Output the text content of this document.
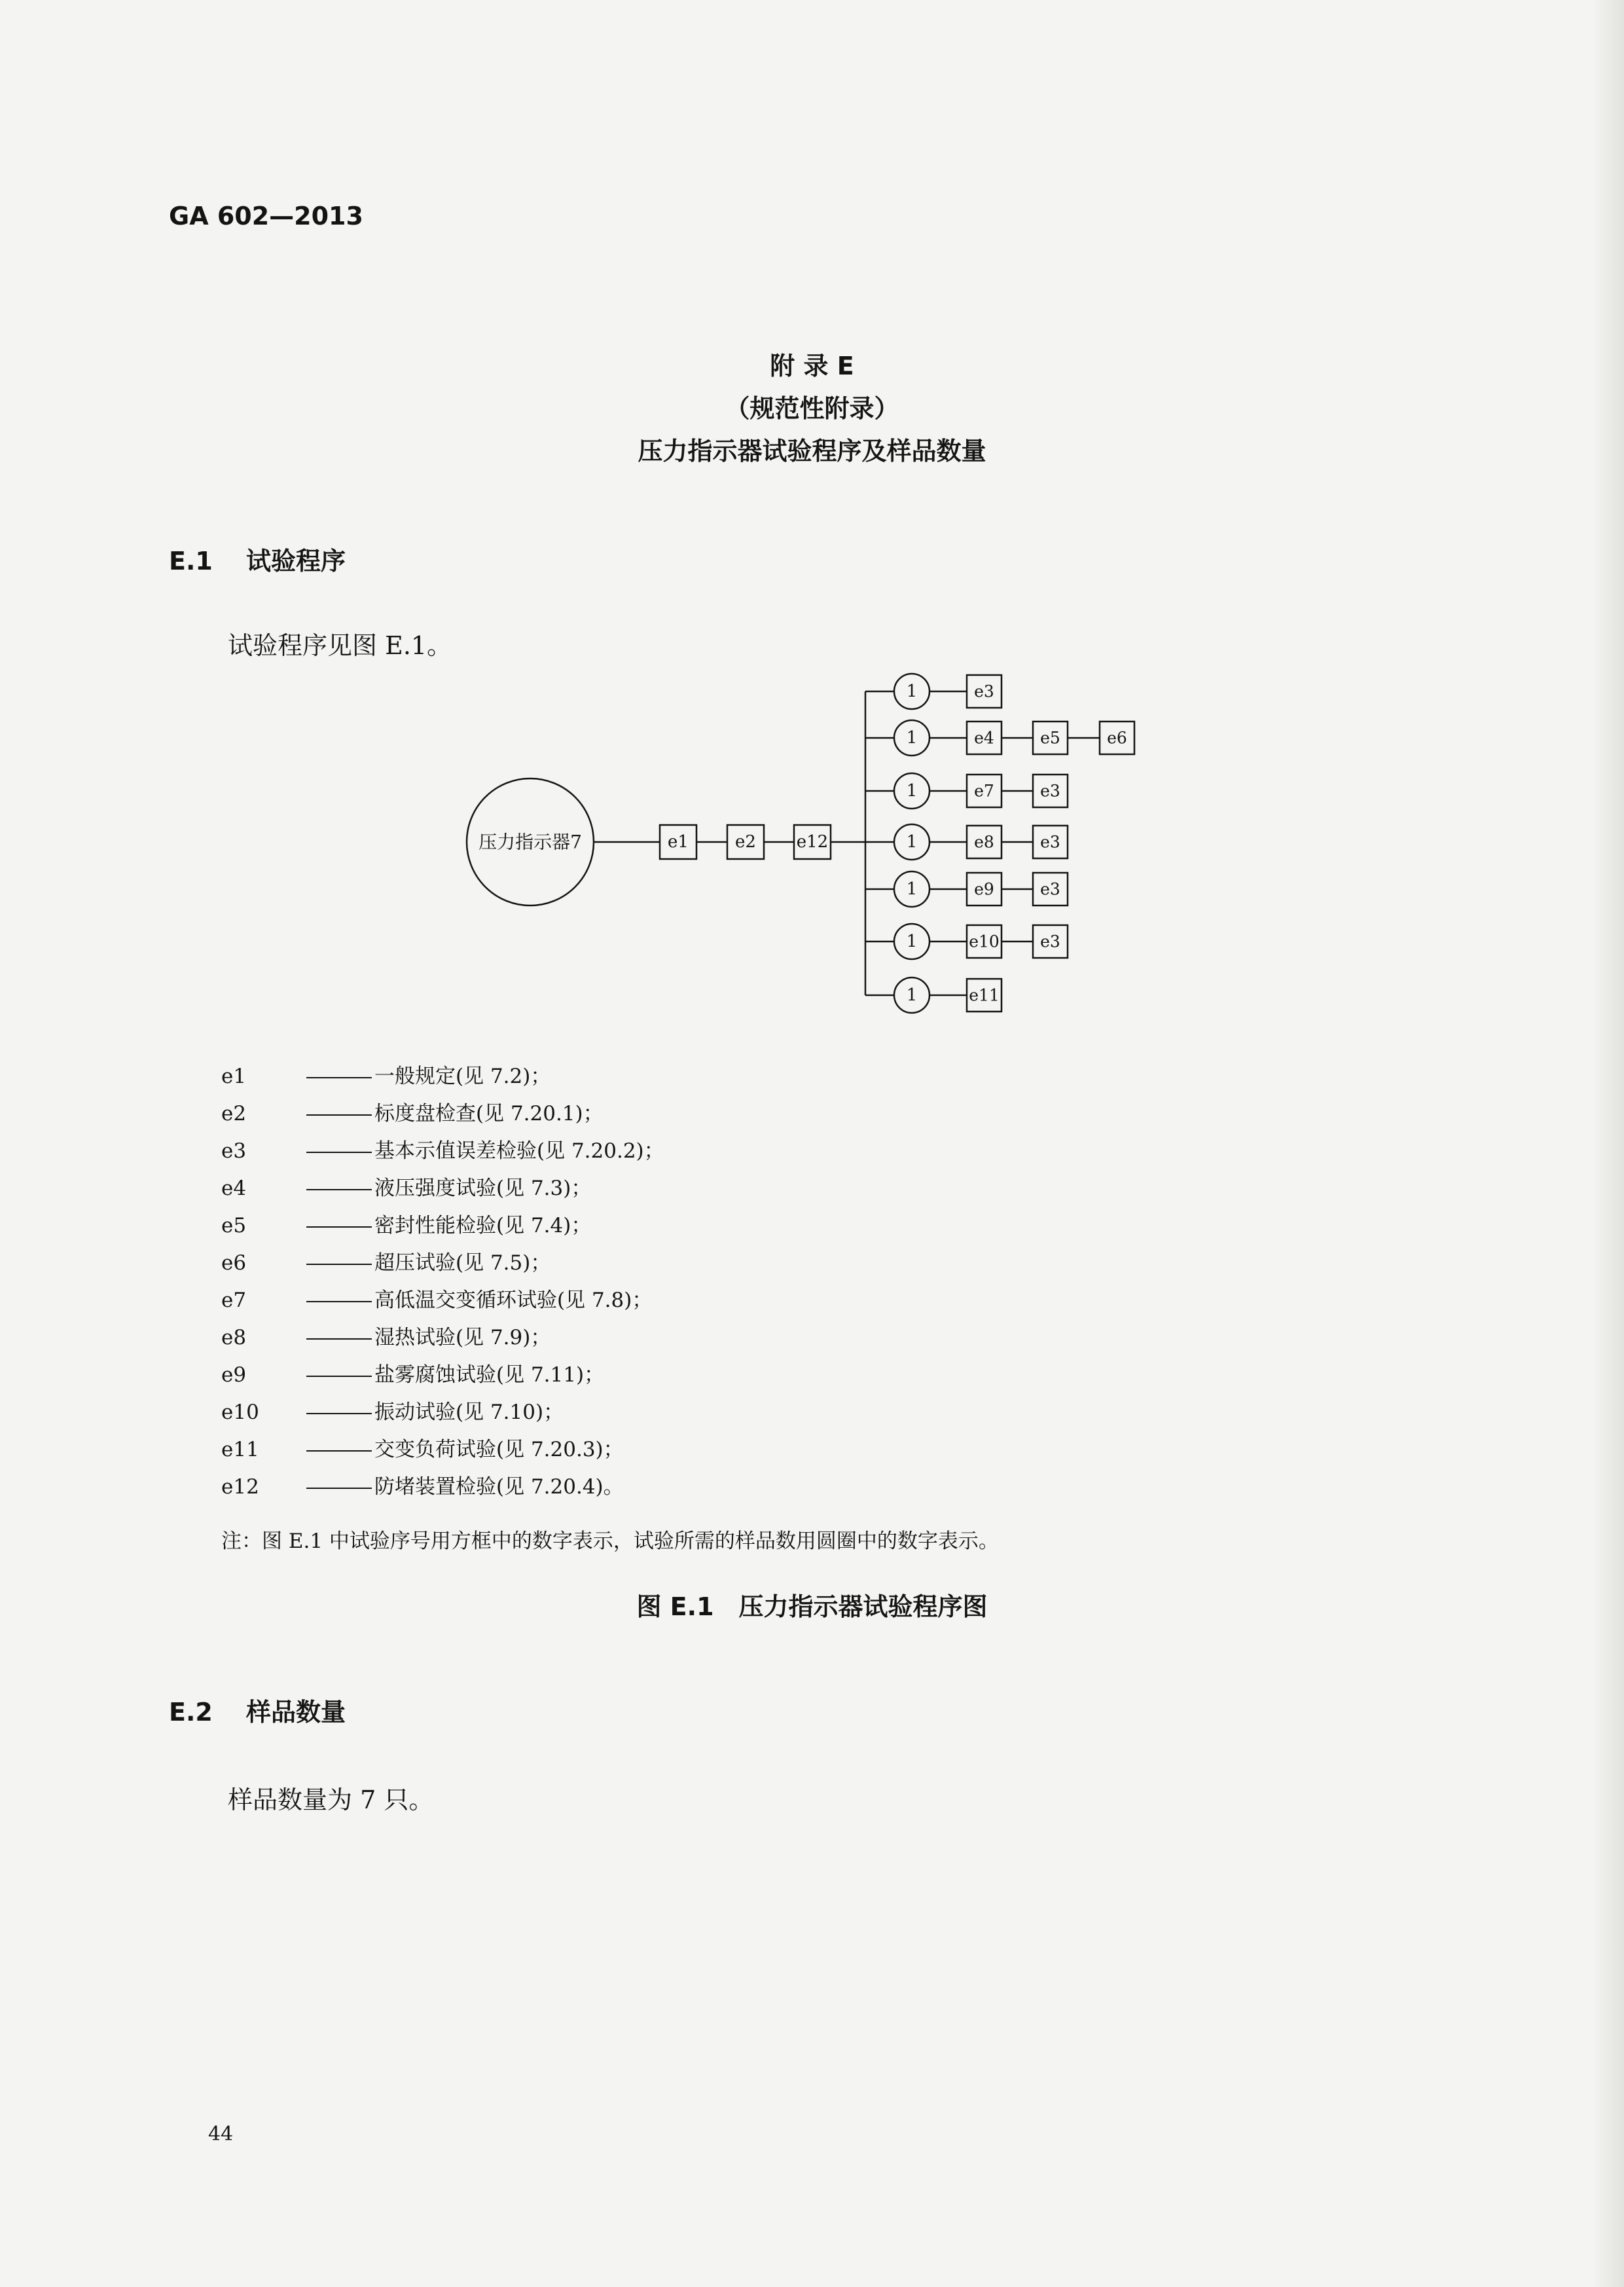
GA 602—2013
附 录 E
（规范性附录）
压力指示器试验程序及样品数量
E.1 试验程序
试验程序见图 E.1。
压力指示器7	e1	e2 e12
1	e3
1	e4	e5	e6
1	e7	e3
1	e8	e3
1	e9	e3
1	e10 e3
1	e11
e1	一般规定(见 7.2)；
e2	标度盘检查(见 7.20.1)；
e3	基本示值误差检验(见 7.20.2)；
e4	液压强度试验(见 7.3)；
e5	密封性能检验(见 7.4)；
e6	超压试验(见 7.5)；
e7	高低温交变循环试验(见 7.8)；
e8	湿热试验(见 7.9)；
e9	盐雾腐蚀试验(见 7.11)；
e10	振动试验(见 7.10)；
e11	交变负荷试验(见 7.20.3)；
e12	防堵装置检验(见 7.20.4)。
注：图 E.1 中试验序号用方框中的数字表示，试验所需的样品数用圆圈中的数字表示。
图 E.1　压力指示器试验程序图
E.2 样品数量
样品数量为 7 只。
44
